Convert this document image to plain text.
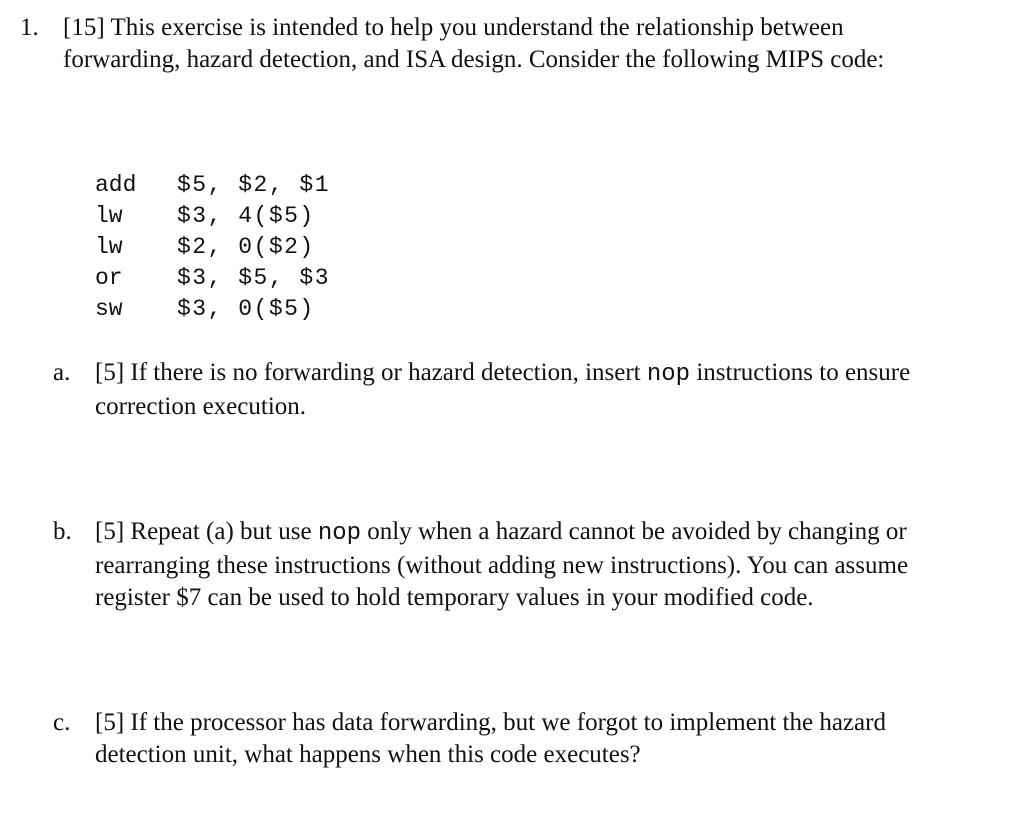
1. [15] This exercise is intended to help you understand the relationship between
forwarding, hazard detection, and ISA design. Consider the following MIPS code:
add $5, $2, $1
lw $3, 4($5)
lw $2, 0($2)
or $3, $5, $3
sw $3, 0($5)
a. [5] If there is no forwarding or hazard detection, insert nop instructions to ensure
correction execution.
b. [5] Repeat (a) but use nop only when a hazard cannot be avoided by changing or
rearranging these instructions (without adding new instructions). You can assume
register $7 can be used to hold temporary values in your modified code.
c. [5] If the processor has data forwarding, but we forgot to implement the hazard
detection unit, what happens when this code executes?
